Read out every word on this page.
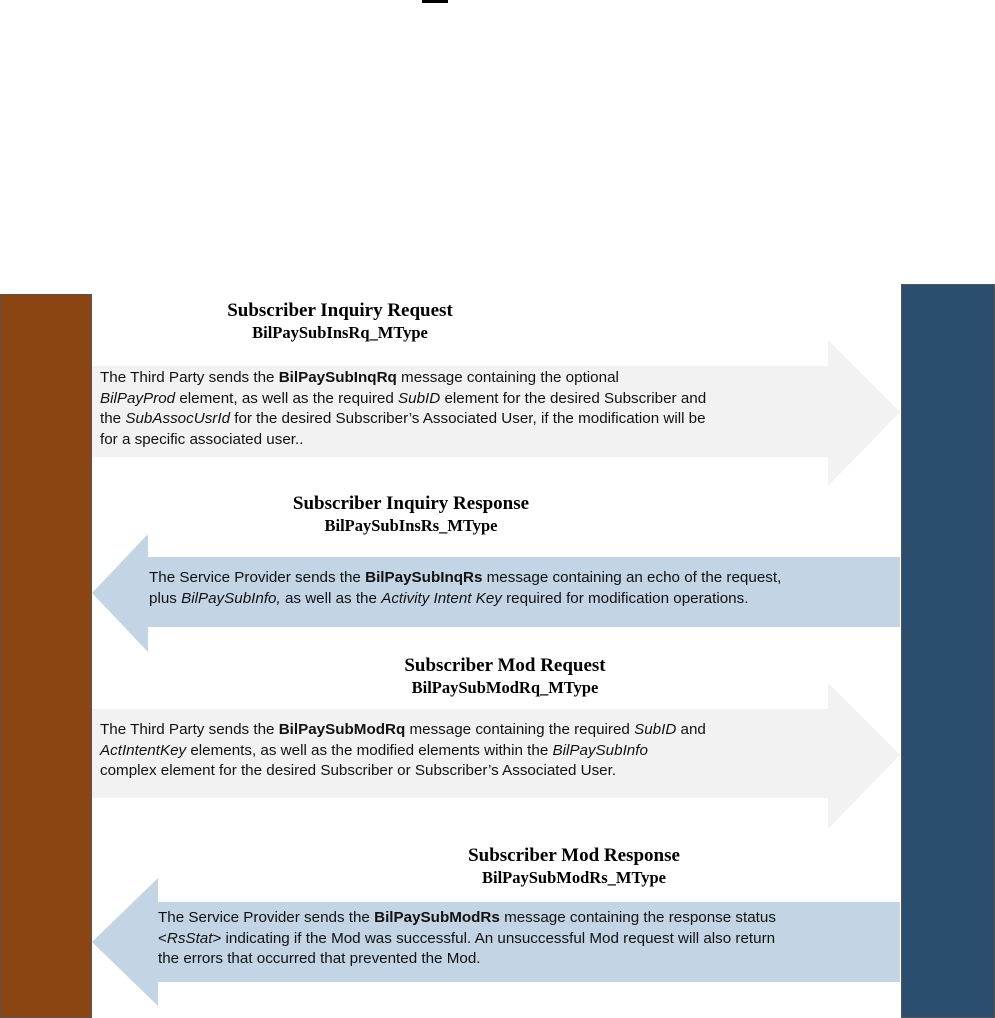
Subscriber Inquiry Request
BilPaySubInsRq_MType
The Third Party sends the BilPaySubInqRq message containing the optional
BilPayProd element, as well as the required SubID element for the desired Subscriber and
the SubAssocUsrId for the desired Subscriber’s Associated User, if the modification will be
for a specific associated user..
Subscriber Inquiry Response
BilPaySubInsRs_MType
The Service Provider sends the BilPaySubInqRs message containing an echo of the request,
plus BilPaySubInfo, as well as the Activity Intent Key required for modification operations.
Subscriber Mod Request
BilPaySubModRq_MType
The Third Party sends the BilPaySubModRq message containing the required SubID and
ActIntentKey elements, as well as the modified elements within the BilPaySubInfo
complex element for the desired Subscriber or Subscriber’s Associated User.
Subscriber Mod Response
BilPaySubModRs_MType
The Service Provider sends the BilPaySubModRs message containing the response status
<RsStat> indicating if the Mod was successful. An unsuccessful Mod request will also return
the errors that occurred that prevented the Mod.
